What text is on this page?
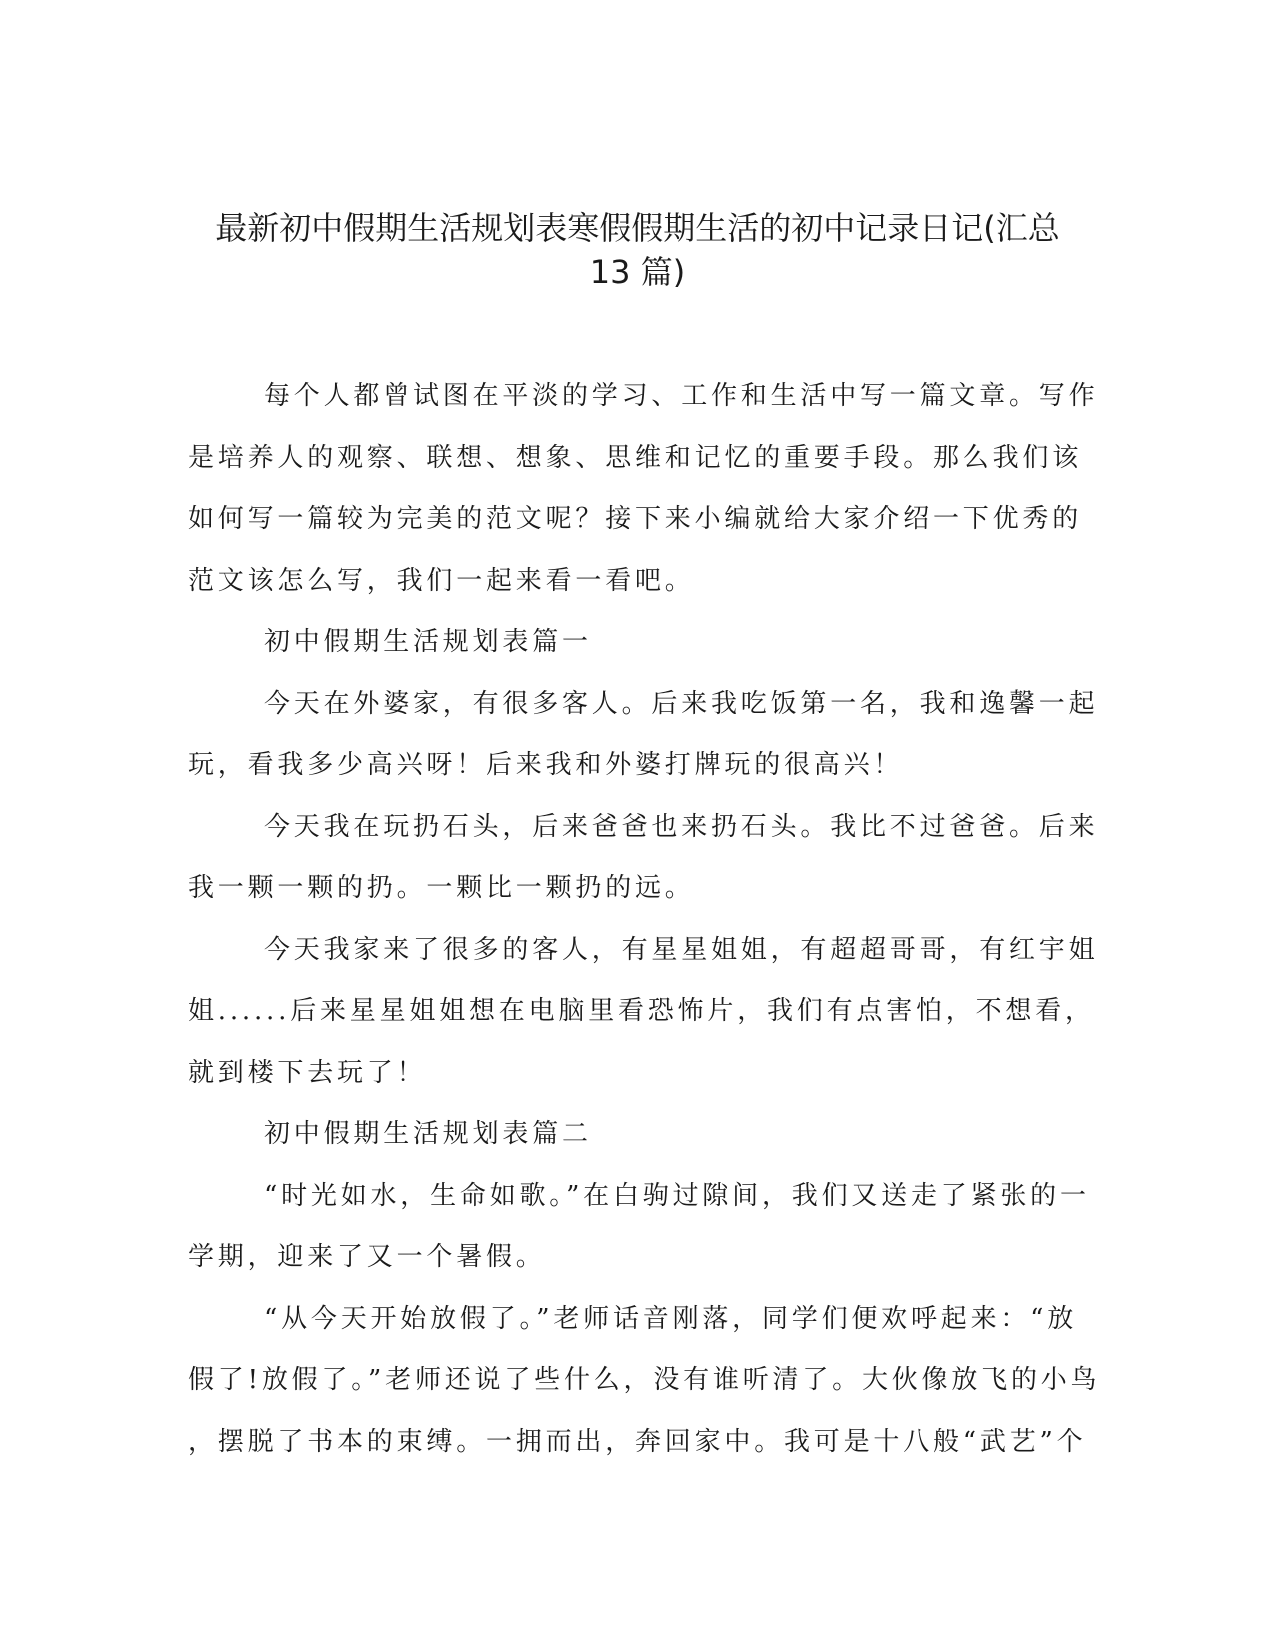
最新初中假期生活规划表寒假假期生活的初中记录日记(汇总
13 篇)
每个人都曾试图在平淡的学习、工作和生活中写一篇文章。写作
是培养人的观察、联想、想象、思维和记忆的重要手段。那么我们该
如何写一篇较为完美的范文呢？接下来小编就给大家介绍一下优秀的
范文该怎么写，我们一起来看一看吧。
初中假期生活规划表篇一
今天在外婆家，有很多客人。后来我吃饭第一名，我和逸馨一起
玩，看我多少高兴呀！后来我和外婆打牌玩的很高兴！
今天我在玩扔石头，后来爸爸也来扔石头。我比不过爸爸。后来
我一颗一颗的扔。一颗比一颗扔的远。
今天我家来了很多的客人，有星星姐姐，有超超哥哥，有红宇姐
姐......后来星星姐姐想在电脑里看恐怖片，我们有点害怕，不想看，
就到楼下去玩了！
初中假期生活规划表篇二
“时光如水，生命如歌。”在白驹过隙间，我们又送走了紧张的一
学期，迎来了又一个暑假。
“从今天开始放假了。”老师话音刚落，同学们便欢呼起来：“放
假了!放假了。”老师还说了些什么，没有谁听清了。大伙像放飞的小鸟
，摆脱了书本的束缚。一拥而出，奔回家中。我可是十八般“武艺”个
